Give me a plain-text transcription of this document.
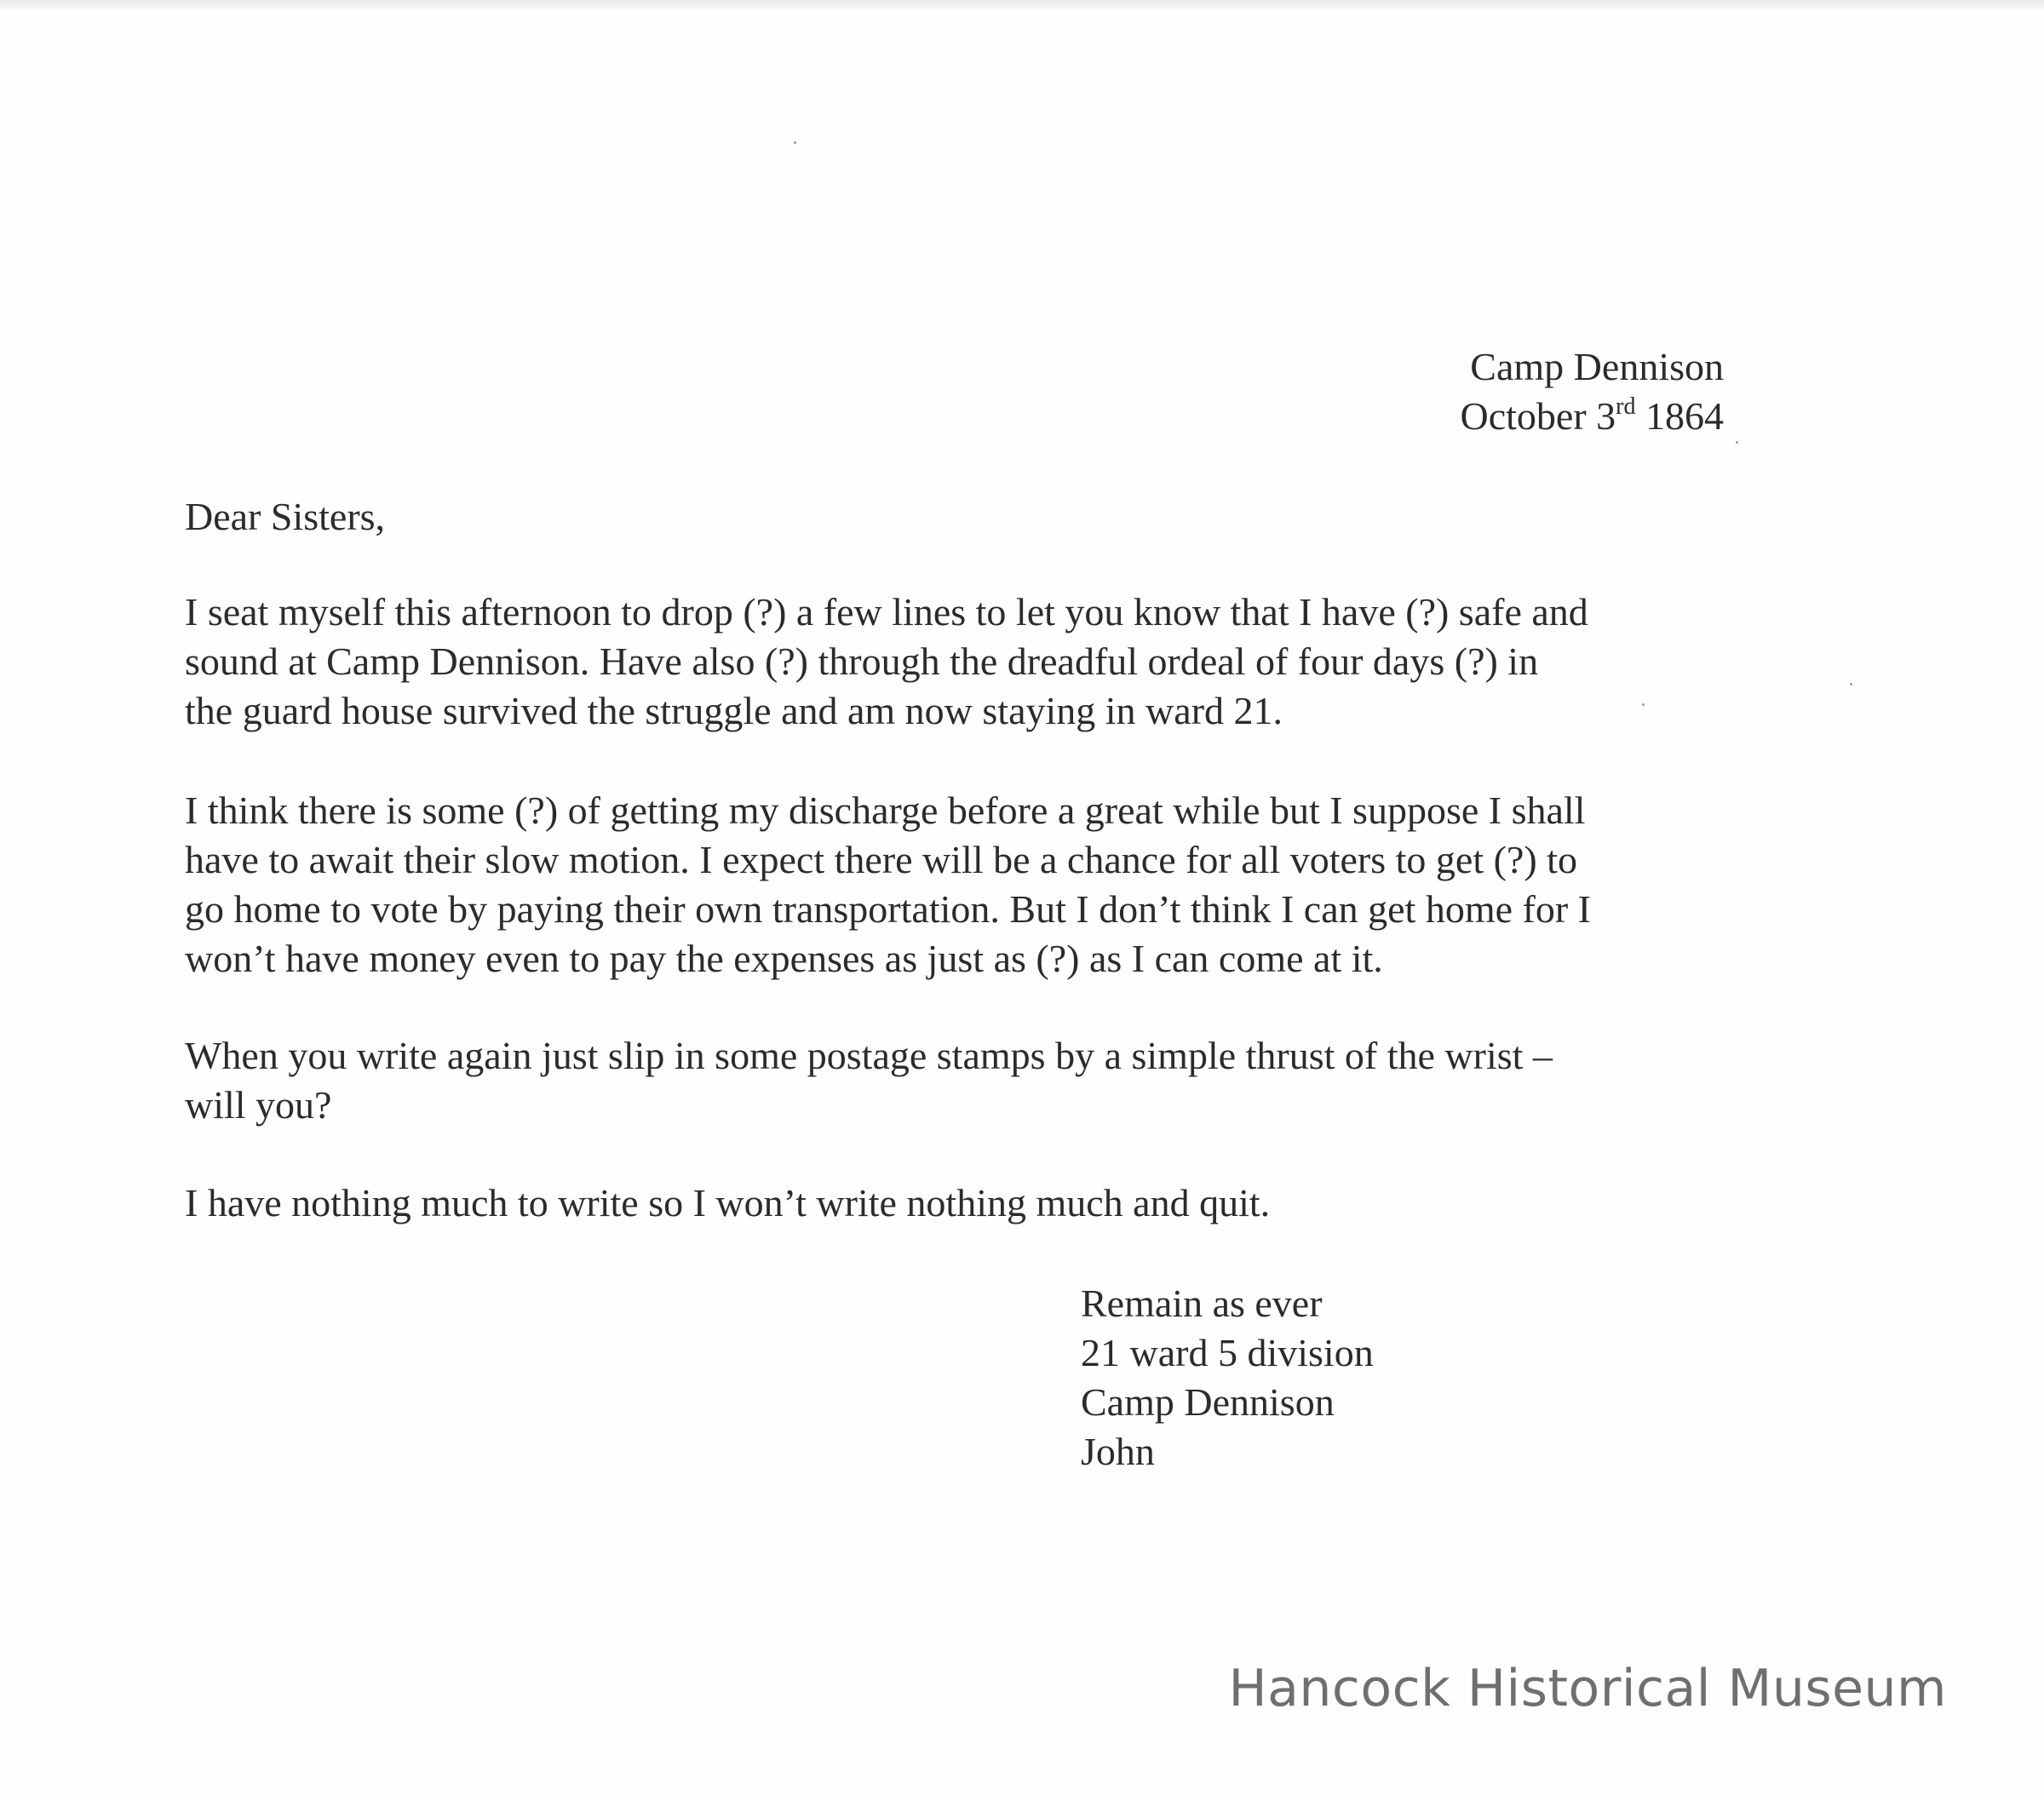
Camp Dennison
October 3rd 1864
Dear Sisters,

I seat myself this afternoon to drop (?) a few lines to let you know that I have (?) safe and

sound at Camp Dennison. Have also (?) through the dreadful ordeal of four days (?) in

the guard house survived the struggle and am now staying in ward 21.

I think there is some (?) of getting my discharge before a great while but I suppose I shall

have to await their slow motion. I expect there will be a chance for all voters to get (?) to

go home to vote by paying their own transportation. But I don’t think I can get home for I

won’t have money even to pay the expenses as just as (?) as I can come at it.

When you write again just slip in some postage stamps by a simple thrust of the wrist –

will you?

I have nothing much to write so I won’t write nothing much and quit.

Remain as ever
21 ward 5 division
Camp Dennison
John
Hancock Historical Museum
